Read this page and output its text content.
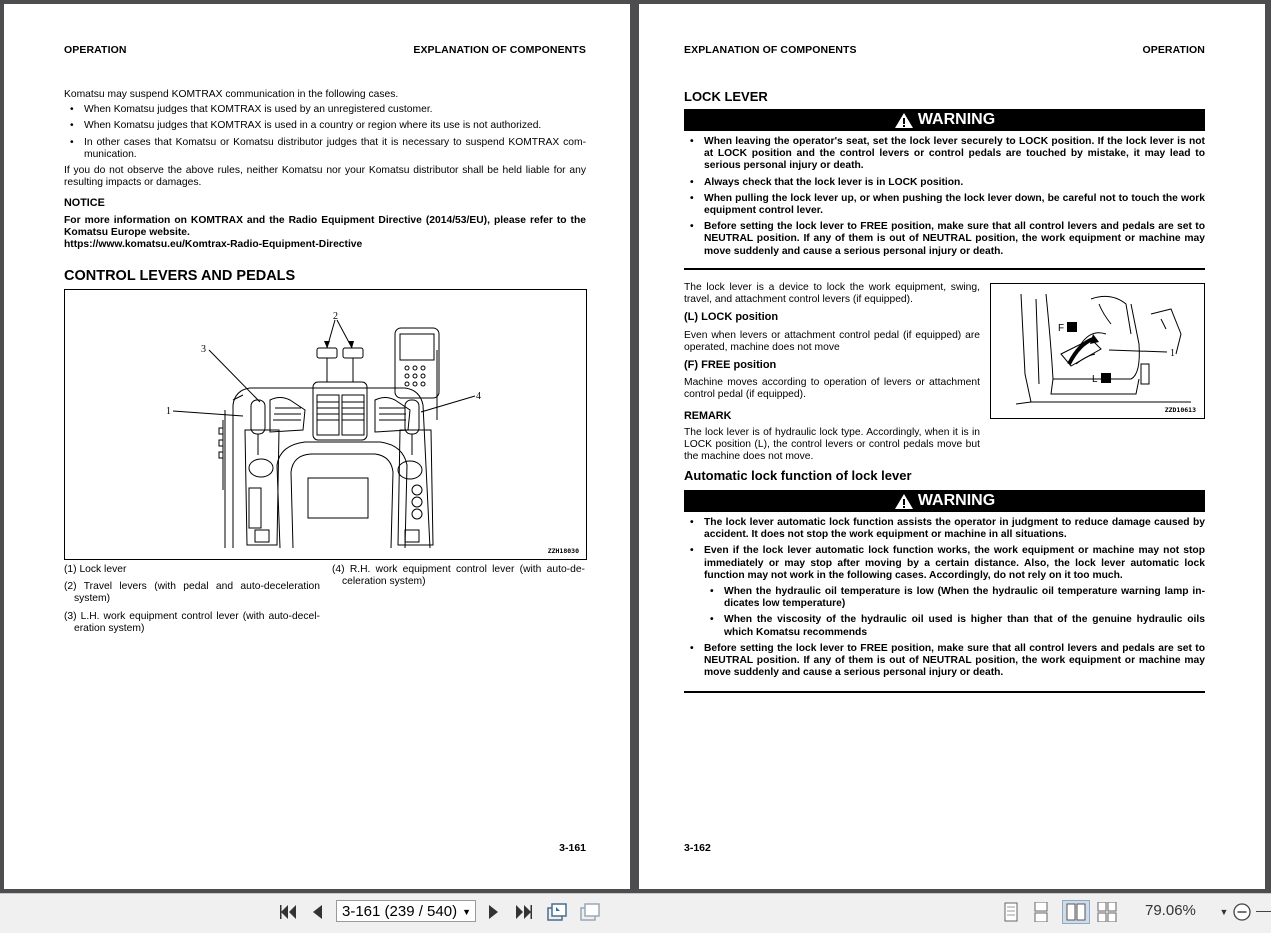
OPERATION	EXPLANATION OF COMPONENTS
Komatsu may suspend KOMTRAX communication in the following cases.
• When Komatsu judges that KOMTRAX is used by an unregistered customer.
• When Komatsu judges that KOMTRAX is used in a country or region where its use is not authorized.
• In other cases that Komatsu or Komatsu distributor judges that it is necessary to suspend KOMTRAX com-munication.
If you do not observe the above rules, neither Komatsu nor your Komatsu distributor shall be held liable for any resulting impacts or damages.
NOTICE
For more information on KOMTRAX and the Radio Equipment Directive (2014/53/EU), please refer to the Komatsu Europe website.
https://www.komatsu.eu/Komtrax-Radio-Equipment-Directive
CONTROL LEVERS AND PEDALS
1
2
3
4
ZZH18030
(1) Lock lever
(2) Travel levers (with pedal and auto-deceleration system)
(3) L.H. work equipment control lever (with auto-decel-eration system)
(4) R.H. work equipment control lever (with auto-de-celeration system)
3-161
EXPLANATION OF COMPONENTS	OPERATION
LOCK LEVER
WARNING
• When leaving the operator's seat, set the lock lever securely to LOCK position. If the lock lever is not at LOCK position and the control levers or control pedals are touched by mistake, it may lead to serious personal injury or death.
• Always check that the lock lever is in LOCK position.
• When pulling the lock lever up, or when pushing the lock lever down, be careful not to touch the work equipment control lever.
• Before setting the lock lever to FREE position, make sure that all control levers and pedals are set to NEUTRAL position. If any of them is out of NEUTRAL position, the work equipment or machine may move suddenly and cause a serious personal injury or death.
The lock lever is a device to lock the work equipment, swing, travel, and attachment control levers (if equipped).
(L) LOCK position
Even when levers or attachment control pedal (if equipped) are operated, machine does not move
(F) FREE position
Machine moves according to operation of levers or attachment control pedal (if equipped).
REMARK
The lock lever is of hydraulic lock type. Accordingly, when it is in LOCK position (L), the control levers or control pedals move but the machine does not move.
F
L
1
ZZD10613
Automatic lock function of lock lever
WARNING
• The lock lever automatic lock function assists the operator in judgment to reduce damage caused by accident. It does not stop the work equipment or machine in all situations.
• Even if the lock lever automatic lock function works, the work equipment or machine may not stop immediately or may stop after moving by a certain distance. Also, the lock lever automatic lock function may not work in the following cases. Accordingly, do not rely on it too much.
• When the hydraulic oil temperature is low (When the hydraulic oil temperature warning lamp in-dicates low temperature)
• When the viscosity of the hydraulic oil used is higher than that of the genuine hydraulic oils which Komatsu recommends
• Before setting the lock lever to FREE position, make sure that all control levers and pedals are set to NEUTRAL position. If any of them is out of NEUTRAL position, the work equipment or machine may move suddenly and cause a serious personal injury or death.
3-162
3-161 (239 / 540) ▼	79.06%	▼
